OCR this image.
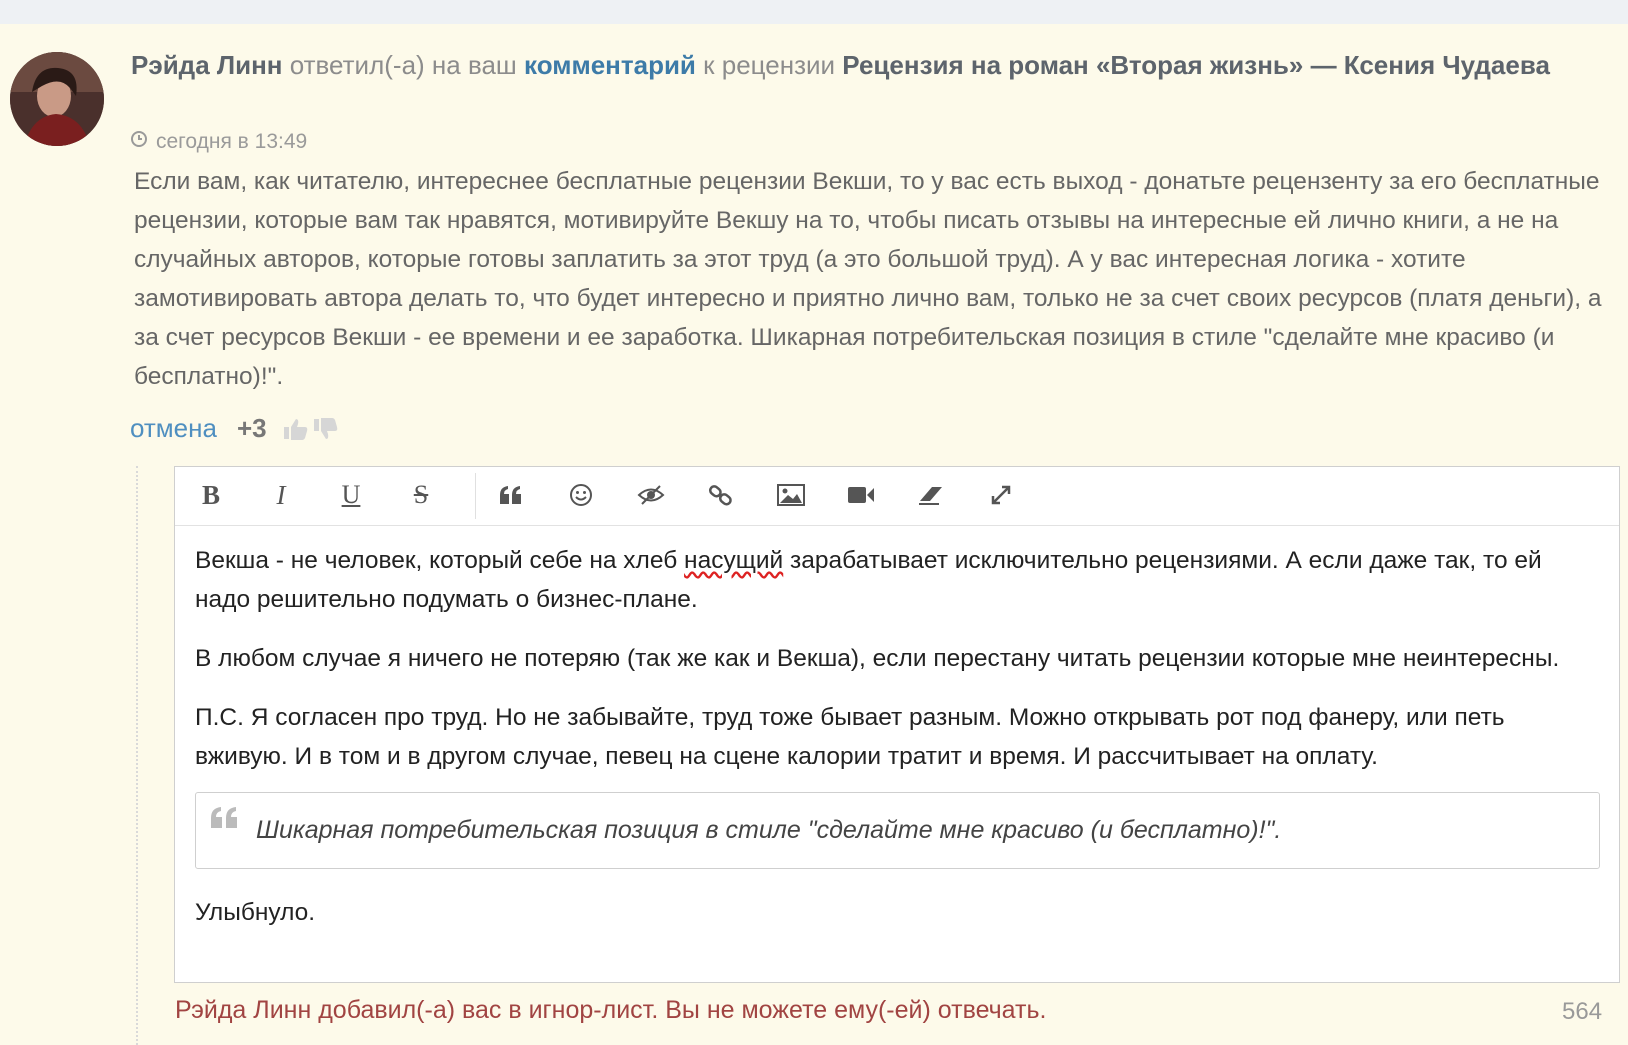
Рэйда Линн ответил(-а) на ваш комментарий к рецензии Рецензия на роман «Вторая жизнь» — Ксения Чудаева
сегодня в 13:49
Если вам, как читателю, интереснее бесплатные рецензии Векши, то у вас есть выход - донатьте рецензенту за его бесплатные рецензии, которые вам так нравятся, мотивируйте Векшу на то, чтобы писать отзывы на интересные ей лично книги, а не на случайных авторов, которые готовы заплатить за этот труд (а это большой труд). А у вас интересная логика - хотите замотивировать автора делать то, что будет интересно и приятно лично вам, только не за счет своих ресурсов (платя деньги), а за счет ресурсов Векши - ее времени и ее заработка. Шикарная потребительская позиция в стиле "сделайте мне красиво (и бесплатно)!".
отмена +3
B I U S

Векша - не человек, который себе на хлеб насущий зарабатывает исключительно рецензиями. А если даже так, то ей надо решительно подумать о бизнес-плане.

В любом случае я ничего не потеряю (так же как и Векша), если перестану читать рецензии которые мне неинтересны.

П.С. Я согласен про труд. Но не забывайте, труд тоже бывает разным. Можно открывать рот под фанеру, или петь вживую. И в том и в другом случае, певец на сцене калории тратит и время. И рассчитывает на оплату.

Шикарная потребительская позиция в стиле "сделайте мне красиво (и бесплатно)!".

Улыбнуло.

Рэйда Линн добавил(-а) вас в игнор-лист. Вы не можете ему(-ей) отвечать.	564
